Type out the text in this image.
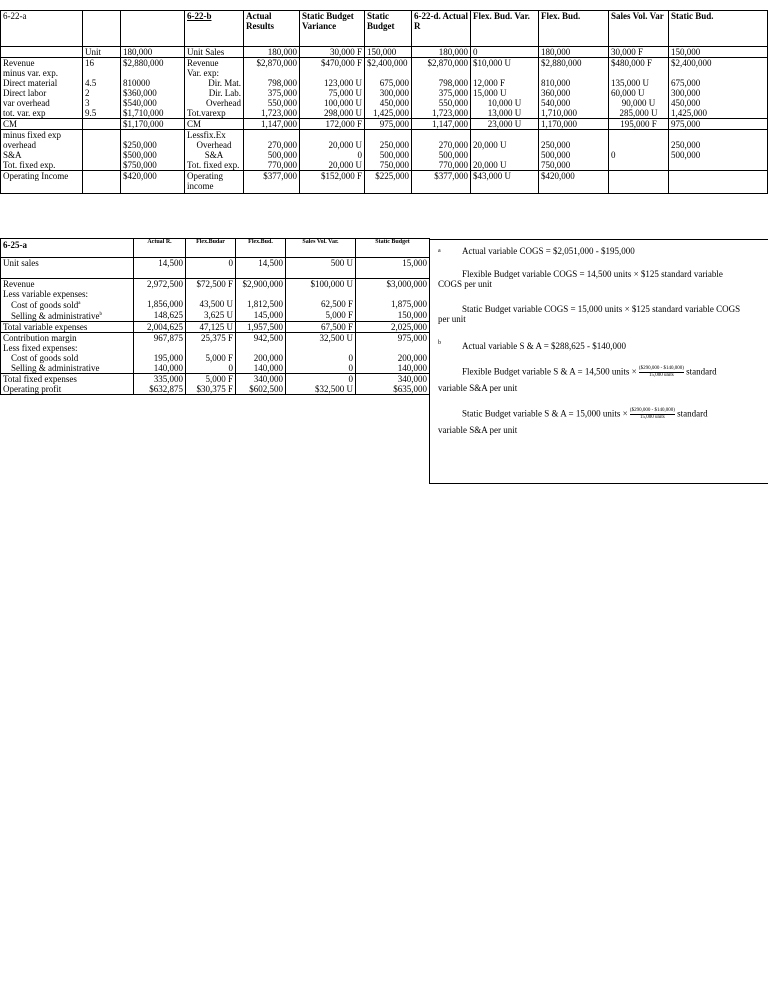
6-22-a			6-22-b	Actual Results	Static Budget Variance	Static Budget	6-22-d. Actual R	Flex. Bud. Var.	Flex. Bud.	Sales Vol. Var	Static Bud.
	Unit	180,000	Unit Sales	180,000	30,000 F	150,000	180,000	0	180,000	30,000 F	150,000
Revenue	16	$2,880,000	Revenue	$2,870,000	$470,000 F	$2,400,000	$2,870,000	$10,000 U	$2,880,000	$480,000 F	$2,400,000
minus var. exp.			Var. exp:								
Direct material	4.5	810000	Dir. Mat.	798,000	123,000 U	675,000	798,000	12,000 F	810,000	135,000 U	675,000
Direct labor	2	$360,000	Dir. Lab.	375,000	75,000 U	300,000	375,000	15,000 U	360,000	60,000 U	300,000
var overhead	3	$540,000	Overhead	550,000	100,000 U	450,000	550,000	10,000 U	540,000	90,000 U	450,000
tot. var. exp	9.5	$1,710,000	Tot.varexp	1,723,000	298,000 U	1,425,000	1,723,000	13,000 U	1,710,000	285,000 U	1,425,000
CM		$1,170,000	CM	1,147,000	172,000 F	975,000	1,147,000	23,000 U	1,170,000	195,000 F	975,000
minus fixed exp			Lessfix.Ex								
overhead		$250,000	Overhead	270,000	20,000 U	250,000	270,000	20,000 U	250,000		250,000
S&A		$500,000	S&A	500,000	0	500,000	500,000		500,000	0	500,000
Tot. fixed exp.		$750,000	Tot. fixed exp.	770,000	20,000 U	750,000	770,000	20,000 U	750,000		
Operating Income		$420,000	Operating income	$377,000	$152,000 F	$225,000	$377,000	$43,000 U	$420,000		
6-25-a	Actual R.	Flex.Budar	Flex.Bud.	Sales Vol. Var.	Static Budget
Unit sales	14,500	0	14,500	500 U	15,000
Revenue	2,972,500	$72,500 F	$2,900,000	$100,000 U	$3,000,000
Less variable expenses:					
Cost of goods sold$^a$	1,856,000	43,500 U	1,812,500	62,500 F	1,875,000
Selling & administrative$^b$	148,625	3,625 U	145,000	5,000 F	150,000
Total variable expenses	2,004,625	47,125 U	1,957,500	67,500 F	2,025,000
Contribution margin	967,875	25,375 F	942,500	32,500 U	975,000
Less fixed expenses:					
Cost of goods sold	195,000	5,000 F	200,000	0	200,000
Selling & administrative	140,000	0	140,000	0	140,000
Total fixed expenses	335,000	5,000 F	340,000	0	340,000
Operating profit	$632,875	$30,375 F	$602,500	$32,500 U	$635,000
a Actual variable COGS = $2,051,000 - $195,000
Flexible Budget variable COGS = 14,500 units × $125 standard variable
COGS per unit
Static Budget variable COGS = 15,000 units × $125 standard variable COGS
per unit
b Actual variable S & A = $288,625 - $140,000
Flexible Budget variable S & A = 14,500 units × $\frac{(\$290,000 - \$140,000)}{\text{15,000 units}}$ standard
variable S&A per unit
Static Budget variable S & A = 15,000 units × $\frac{(\$290,000 - \$140,000)}{\text{15,000 units}}$ standard
variable S&A per unit
